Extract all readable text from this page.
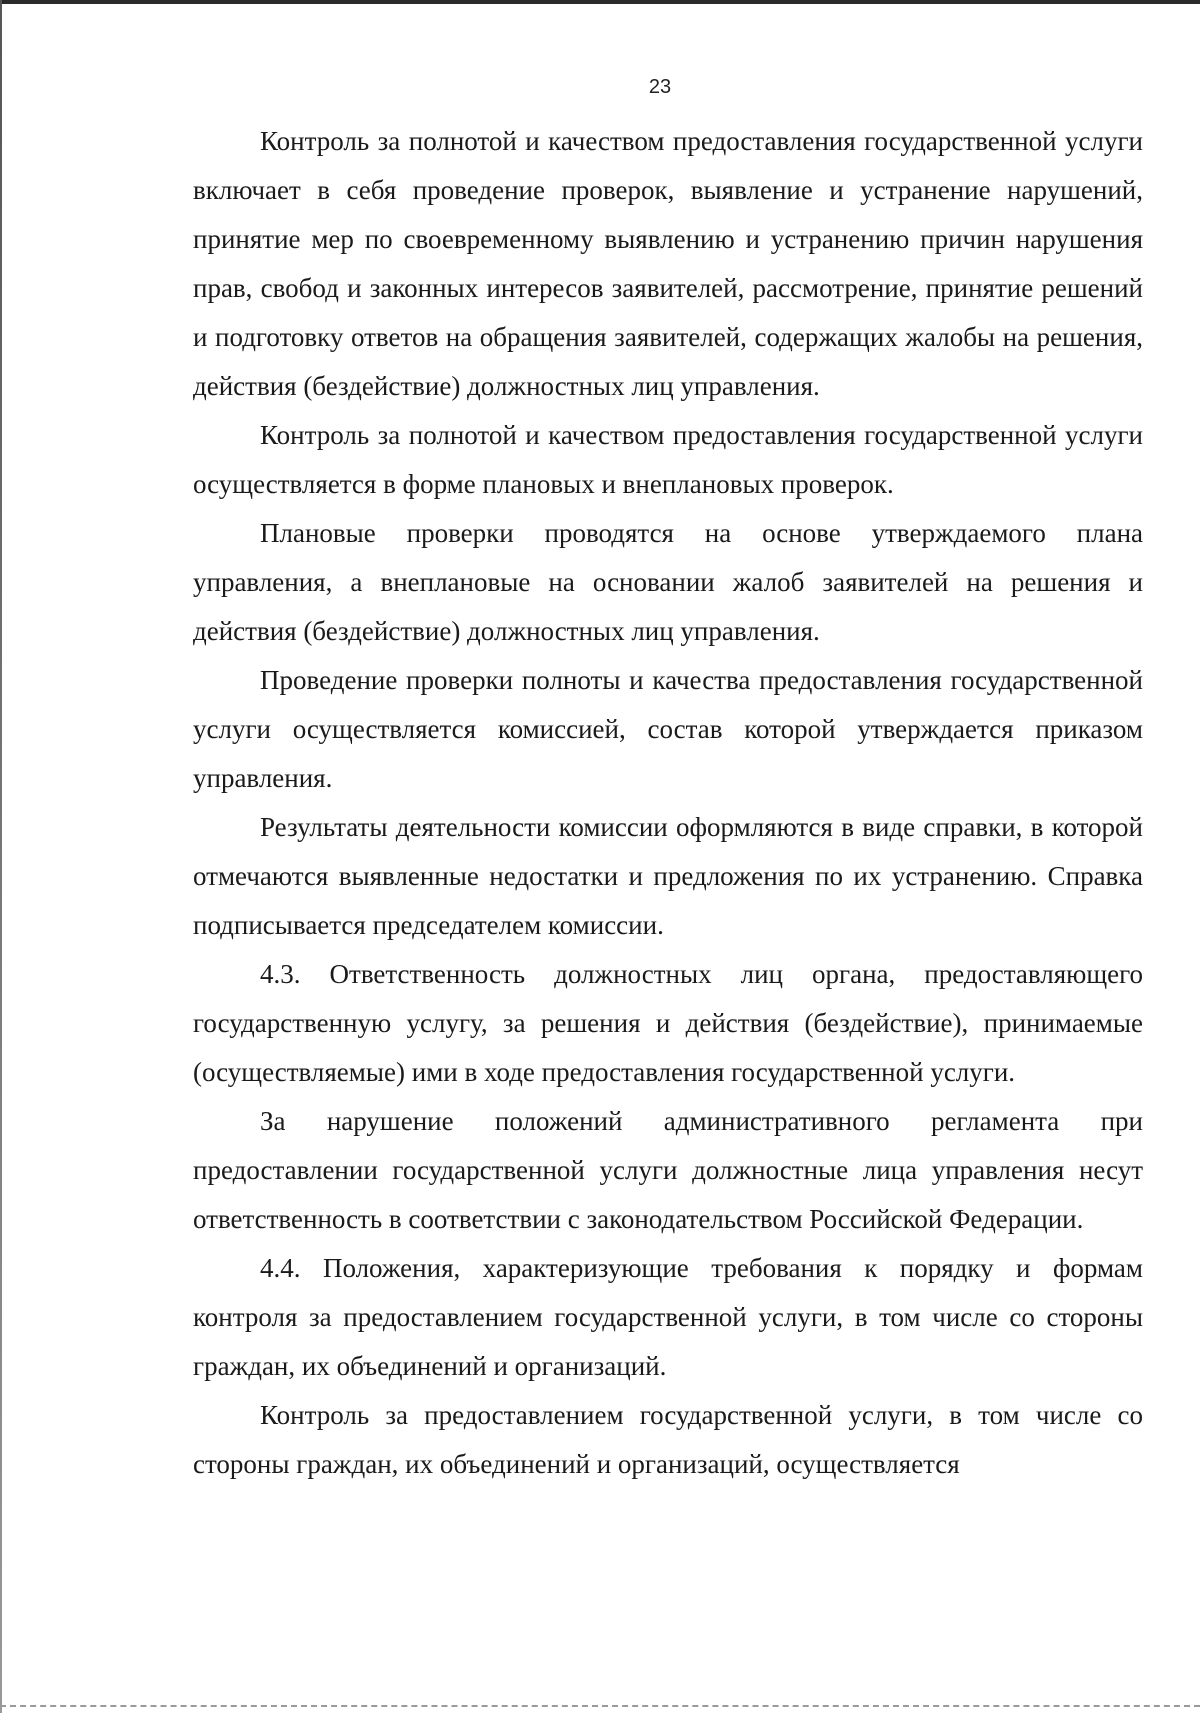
23

Контроль за полнотой и качеством предоставления государственной услуги включает в себя проведение проверок, выявление и устранение нарушений, принятие мер по своевременному выявлению и устранению причин нарушения прав, свобод и законных интересов заявителей, рассмотрение, принятие решений и подготовку ответов на обращения заявителей, содержащих жалобы на решения, действия (бездействие) должностных лиц управления.

Контроль за полнотой и качеством предоставления государственной услуги осуществляется в форме плановых и внеплановых проверок.

Плановые проверки проводятся на основе утверждаемого плана управления, а внеплановые на основании жалоб заявителей на решения и действия (бездействие) должностных лиц управления.

Проведение проверки полноты и качества предоставления государственной услуги осуществляется комиссией, состав которой утверждается приказом управления.

Результаты деятельности комиссии оформляются в виде справки, в которой отмечаются выявленные недостатки и предложения по их устранению. Справка подписывается председателем комиссии.

4.3. Ответственность должностных лиц органа, предоставляющего государственную услугу, за решения и действия (бездействие), принимаемые (осуществляемые) ими в ходе предоставления государственной услуги.

За нарушение положений административного регламента при предоставлении государственной услуги должностные лица управления несут ответственность в соответствии с законодательством Российской Федерации.

4.4. Положения, характеризующие требования к порядку и формам контроля за предоставлением государственной услуги, в том числе со стороны граждан, их объединений и организаций.

Контроль за предоставлением государственной услуги, в том числе со стороны граждан, их объединений и организаций, осуществляется
